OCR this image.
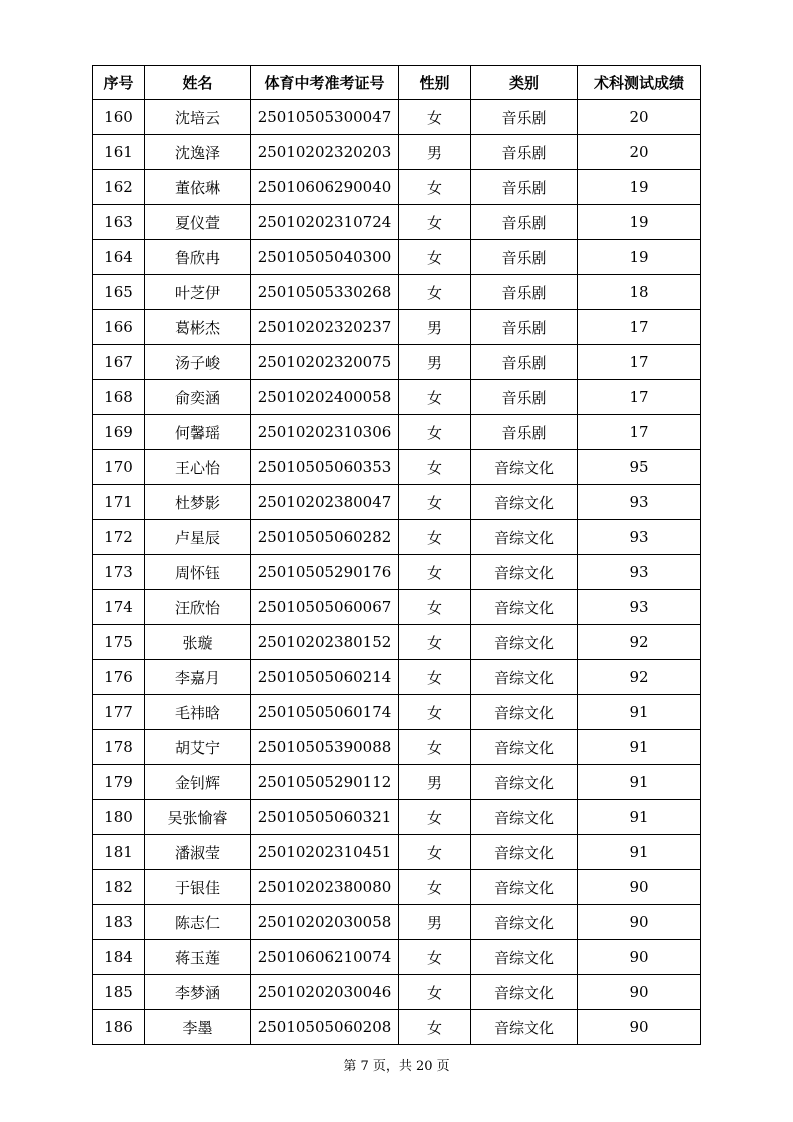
序号	姓名	体育中考准考证号	性别	类别	术科测试成绩
160	沈培云	25010505300047	女	音乐剧	20
161	沈逸泽	25010202320203	男	音乐剧	20
162	董依琳	25010606290040	女	音乐剧	19
163	夏仪萱	25010202310724	女	音乐剧	19
164	鲁欣冉	25010505040300	女	音乐剧	19
165	叶芝伊	25010505330268	女	音乐剧	18
166	葛彬杰	25010202320237	男	音乐剧	17
167	汤子峻	25010202320075	男	音乐剧	17
168	俞奕涵	25010202400058	女	音乐剧	17
169	何馨瑶	25010202310306	女	音乐剧	17
170	王心怡	25010505060353	女	音综文化	95
171	杜梦影	25010202380047	女	音综文化	93
172	卢星辰	25010505060282	女	音综文化	93
173	周怀钰	25010505290176	女	音综文化	93
174	汪欣怡	25010505060067	女	音综文化	93
175	张璇	25010202380152	女	音综文化	92
176	李嘉月	25010505060214	女	音综文化	92
177	毛祎晗	25010505060174	女	音综文化	91
178	胡艾宁	25010505390088	女	音综文化	91
179	金钊辉	25010505290112	男	音综文化	91
180	吴张愉睿	25010505060321	女	音综文化	91
181	潘淑莹	25010202310451	女	音综文化	91
182	于银佳	25010202380080	女	音综文化	90
183	陈志仁	25010202030058	男	音综文化	90
184	蒋玉莲	25010606210074	女	音综文化	90
185	李梦涵	25010202030046	女	音综文化	90
186	李墨	25010505060208	女	音综文化	90
第 7 页，共 20 页
